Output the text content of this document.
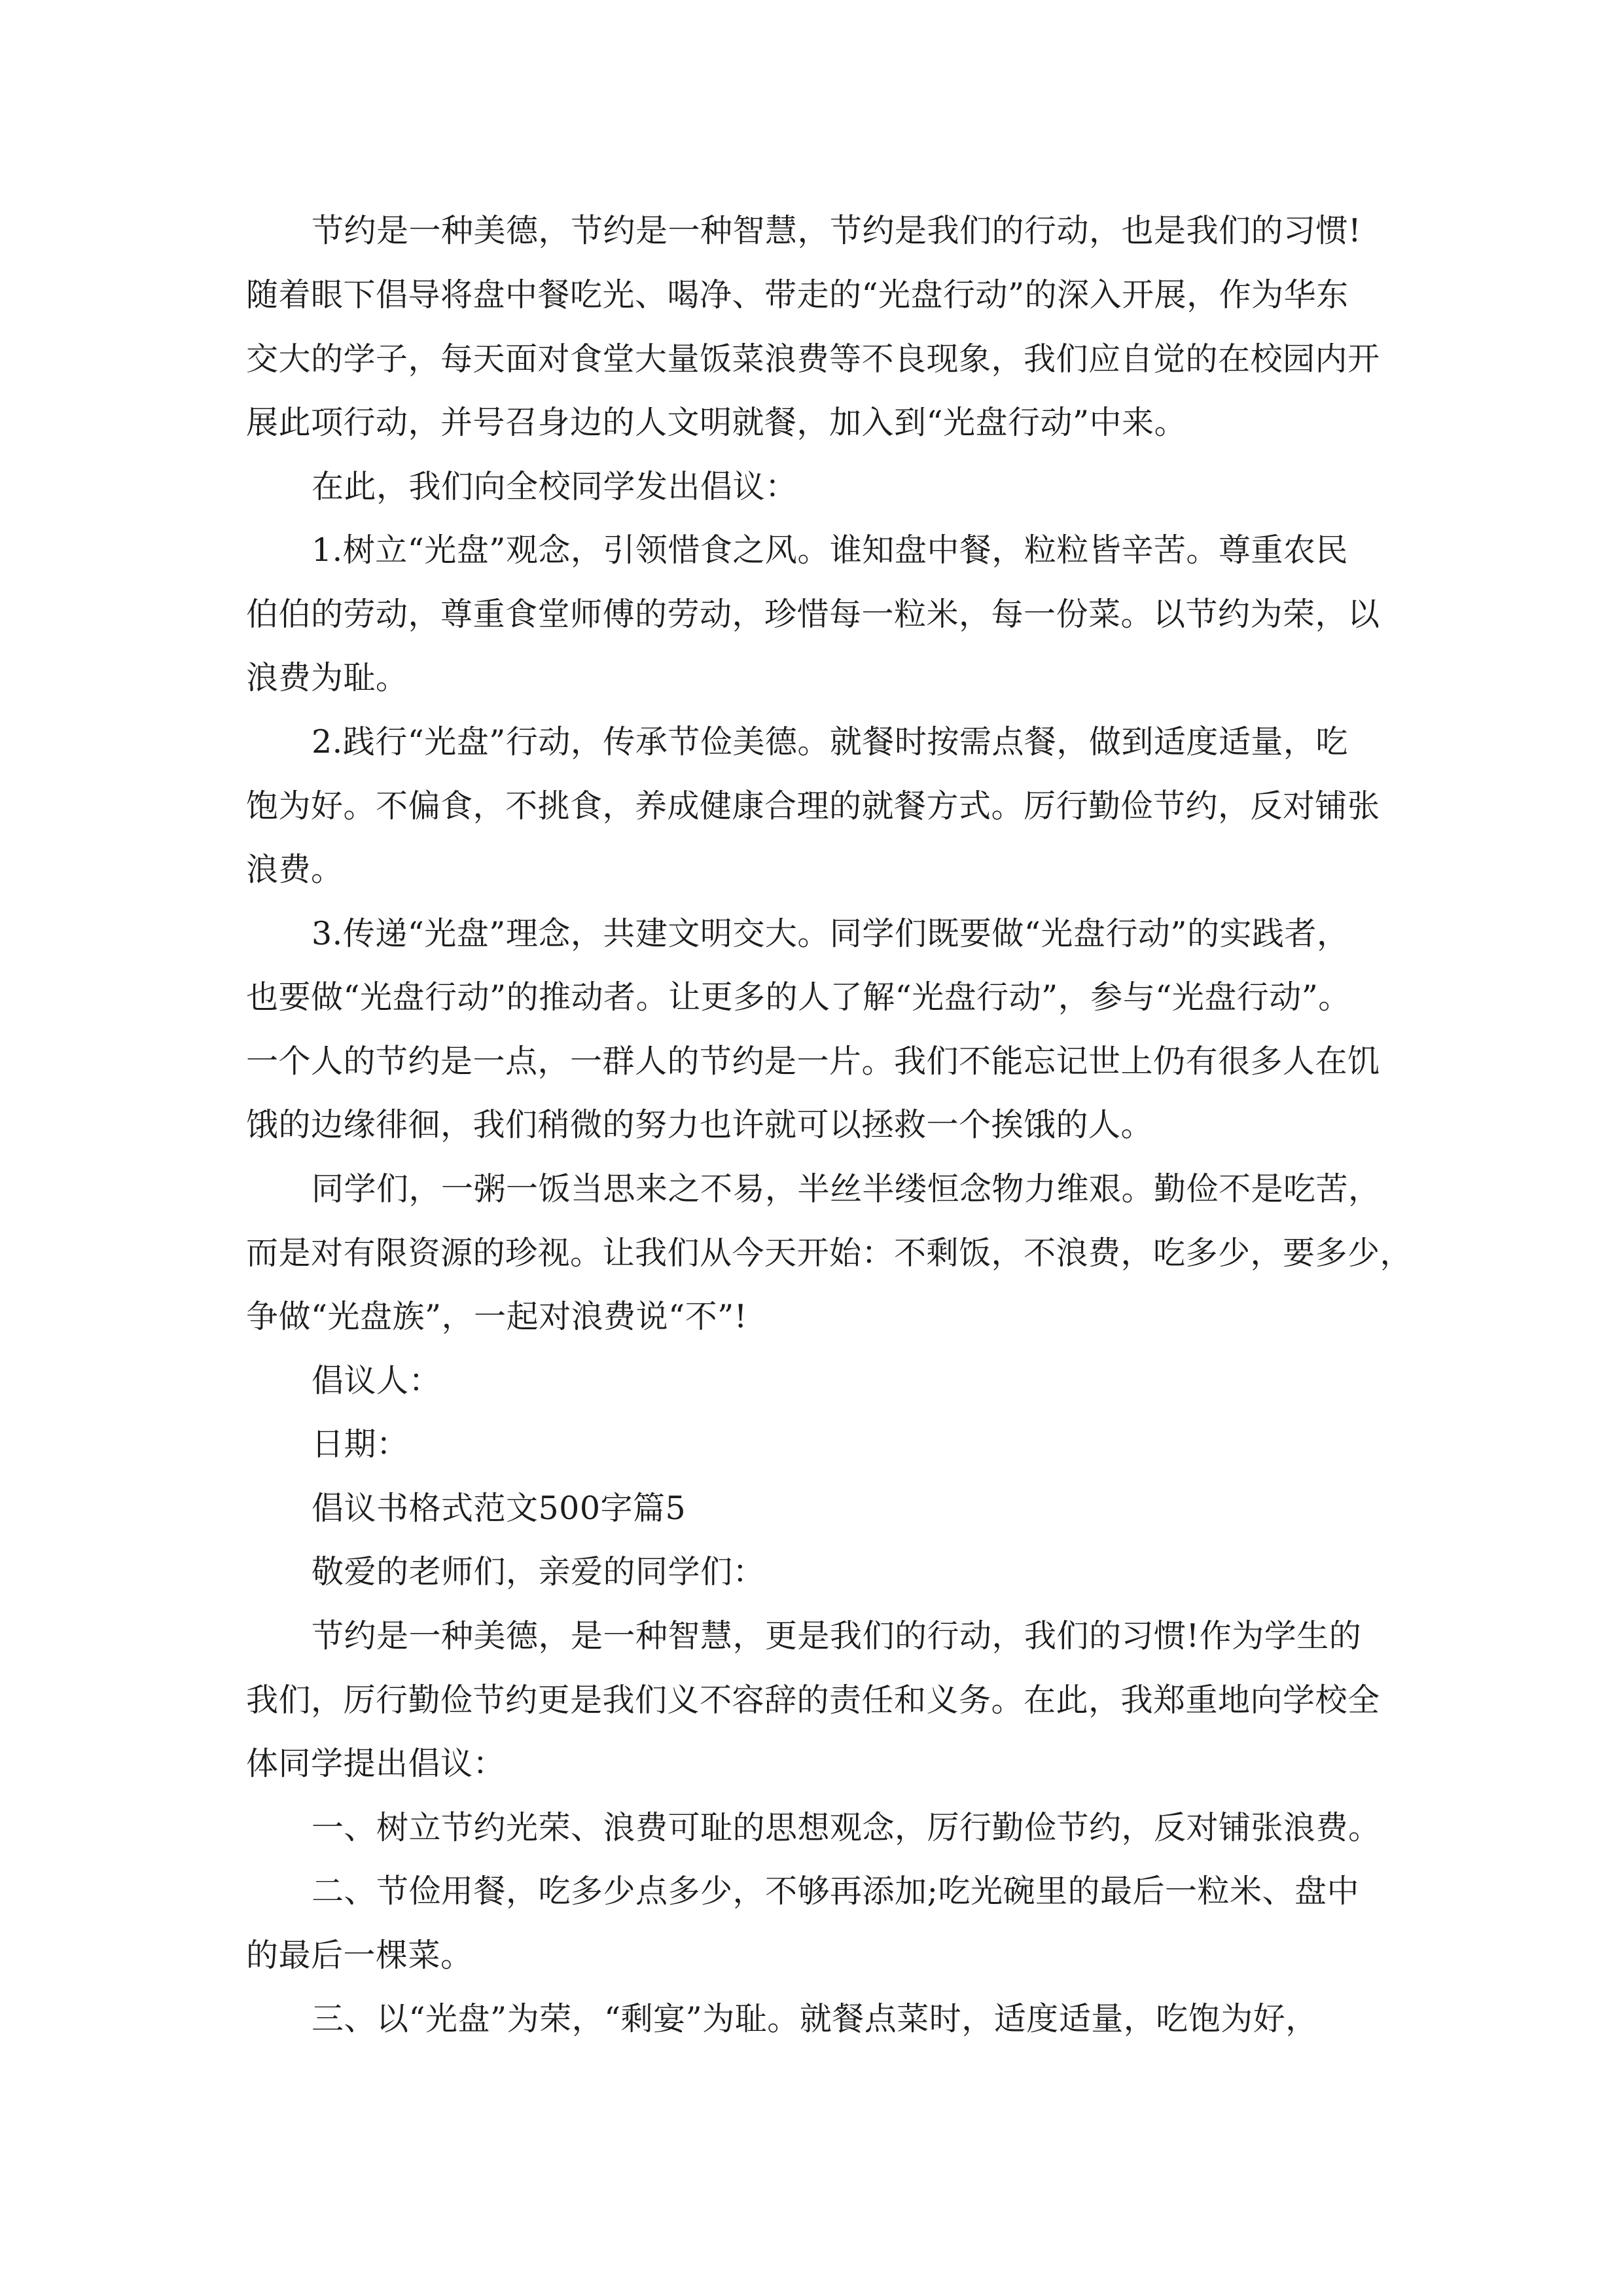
节约是一种美德，节约是一种智慧，节约是我们的行动，也是我们的习惯!
随着眼下倡导将盘中餐吃光、喝净、带走的“光盘行动”的深入开展，作为华东
交大的学子，每天面对食堂大量饭菜浪费等不良现象，我们应自觉的在校园内开
展此项行动，并号召身边的人文明就餐，加入到“光盘行动”中来。
在此，我们向全校同学发出倡议：
1.树立“光盘”观念，引领惜食之风。谁知盘中餐，粒粒皆辛苦。尊重农民
伯伯的劳动，尊重食堂师傅的劳动，珍惜每一粒米，每一份菜。以节约为荣，以
浪费为耻。
2.践行“光盘”行动，传承节俭美德。就餐时按需点餐，做到适度适量，吃
饱为好。不偏食，不挑食，养成健康合理的就餐方式。厉行勤俭节约，反对铺张
浪费。
3.传递“光盘”理念，共建文明交大。同学们既要做“光盘行动”的实践者，
也要做“光盘行动”的推动者。让更多的人了解“光盘行动”，参与“光盘行动”。
一个人的节约是一点，一群人的节约是一片。我们不能忘记世上仍有很多人在饥
饿的边缘徘徊，我们稍微的努力也许就可以拯救一个挨饿的人。
同学们，一粥一饭当思来之不易，半丝半缕恒念物力维艰。勤俭不是吃苦，
而是对有限资源的珍视。让我们从今天开始：不剩饭，不浪费，吃多少，要多少，
争做“光盘族”，一起对浪费说“不”!
倡议人：
日期：
倡议书格式范文500字篇5
敬爱的老师们，亲爱的同学们：
节约是一种美德，是一种智慧，更是我们的行动，我们的习惯!作为学生的
我们，厉行勤俭节约更是我们义不容辞的责任和义务。在此，我郑重地向学校全
体同学提出倡议：
一、树立节约光荣、浪费可耻的思想观念，厉行勤俭节约，反对铺张浪费。
二、节俭用餐，吃多少点多少，不够再添加;吃光碗里的最后一粒米、盘中
的最后一棵菜。
三、以“光盘”为荣，“剩宴”为耻。就餐点菜时，适度适量，吃饱为好，
